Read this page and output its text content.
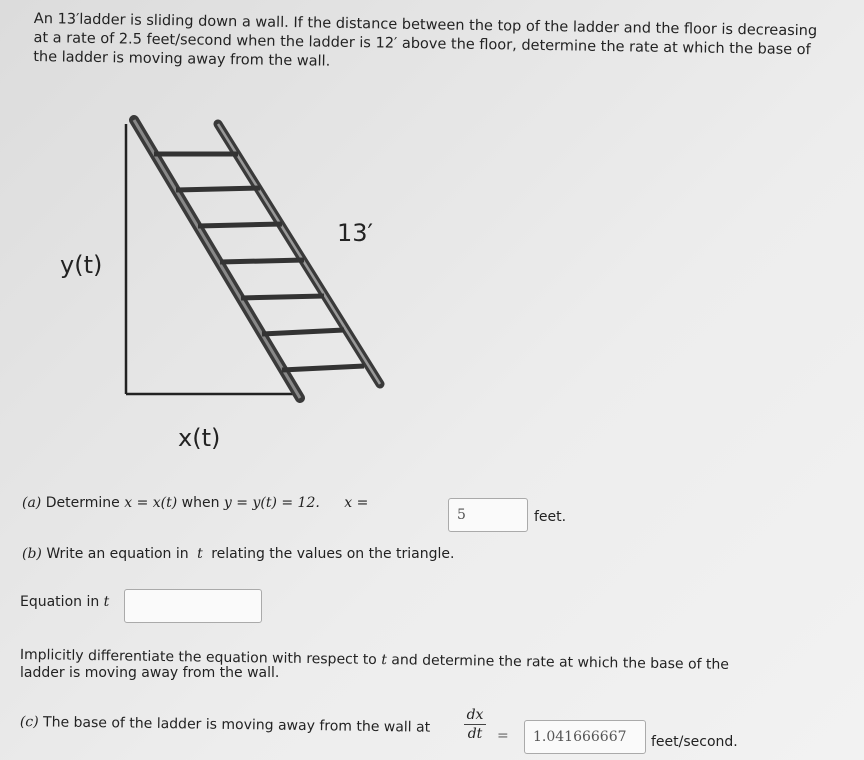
An 13′ladder is sliding down a wall. If the distance between the top of the ladder and the floor is decreasing at a rate of 2.5 feet/second when the ladder is 12′ above the floor, determine the rate at which the base of the ladder is moving away from the wall.
13′
y(t)
x(t)
(a) Determine x = x(t) when y = y(t) = 12. x =
5	feet.
(b) Write an equation in t relating the values on the triangle.
Equation in t
Implicitly differentiate the equation with respect to t and determine the rate at which the base of the
ladder is moving away from the wall.
(c) The base of the ladder is moving away from the wall at	dx
dt =	1.041666667	feet/second.
